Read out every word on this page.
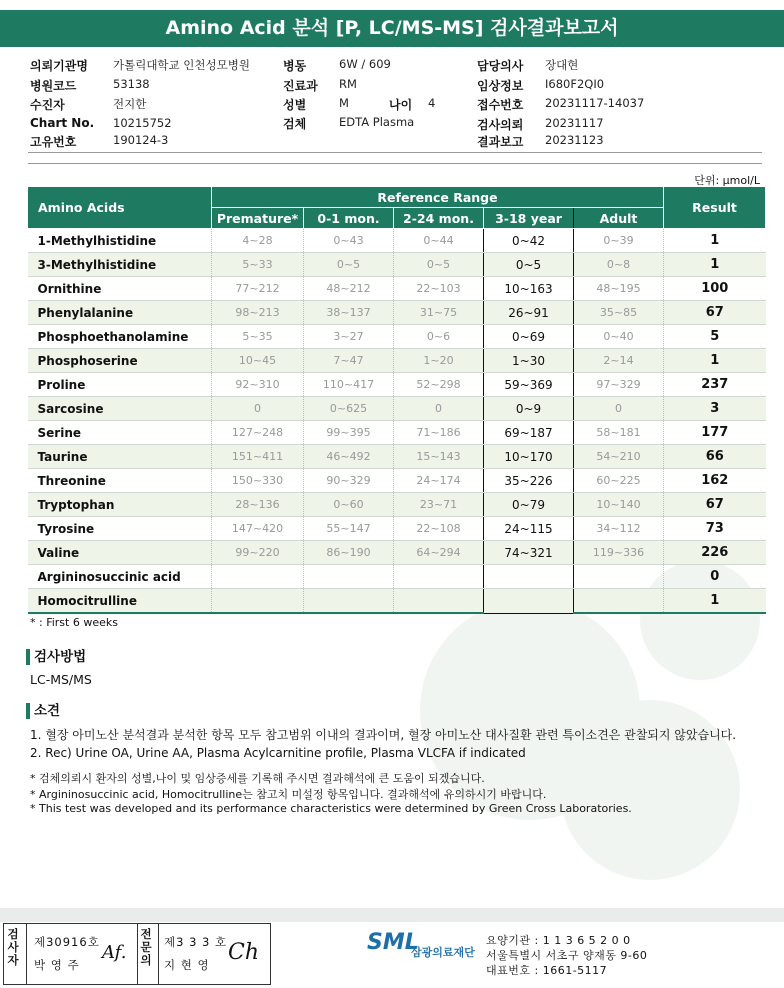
Amino Acid 분석 [P, LC/MS-MS] 검사결과보고서
의뢰기관명 가톨릭대학교 인천성모병원
병원코드	53138
수진자	전지한
Chart No. 10215752
고유번호	190124-3
병동	6W / 609
진료과 RM
성별	M	나이 4
검체	EDTA Plasma
담당의사 장대현
임상정보 I680F2QI0
접수번호 20231117-14037
검사의뢰 20231117
결과보고 20231123
단위: μmol/L
Amino Acids	Reference Range					Result
	Premature*	0-1 mon.	2-24 mon.	3-18 year	Adult	
1-Methylhistidine	4~28	0~43	0~44	0~42	0~39	1
3-Methylhistidine	5~33	0~5	0~5	0~5	0~8	1
Ornithine	77~212	48~212	22~103	10~163	48~195	100
Phenylalanine	98~213	38~137	31~75	26~91	35~85	67
Phosphoethanolamine	5~35	3~27	0~6	0~69	0~40	5
Phosphoserine	10~45	7~47	1~20	1~30	2~14	1
Proline	92~310	110~417	52~298	59~369	97~329	237
Sarcosine	0	0~625	0	0~9	0	3
Serine	127~248	99~395	71~186	69~187	58~181	177
Taurine	151~411	46~492	15~143	10~170	54~210	66
Threonine	150~330	90~329	24~174	35~226	60~225	162
Tryptophan	28~136	0~60	23~71	0~79	10~140	67
Tyrosine	147~420	55~147	22~108	24~115	34~112	73
Valine	99~220	86~190	64~294	74~321	119~336	226
Argininosuccinic acid						0
Homocitrulline						1
* : First 6 weeks
검사방법
LC-MS/MS
소견
1. 혈장 아미노산 분석결과 분석한 항목 모두 참고범위 이내의 결과이며, 혈장 아미노산 대사질환 관련 특이소견은 관찰되지 않았습니다.
2. Rec) Urine OA, Urine AA, Plasma Acylcarnitine profile, Plasma VLCFA if indicated
* 검체의뢰시 환자의 성별,나이 및 임상증세를 기록해 주시면 결과해석에 큰 도움이 되겠습니다.
* Argininosuccinic acid, Homocitrulline는 참고치 미설정 항목입니다. 결과해석에 유의하시기 바랍니다.
* This test was developed and its performance characteristics were determined by Green Cross Laboratories.
검사자
제30916호
박 영 주
Af.
전문의
제3 3 3 호
지 현 영 Ch	SML
삼광의료재단
요양기관 : 1 1 3 6 5 2 0 0
서울특별시 서초구 양재동 9-60
대표번호 : 1661-5117
